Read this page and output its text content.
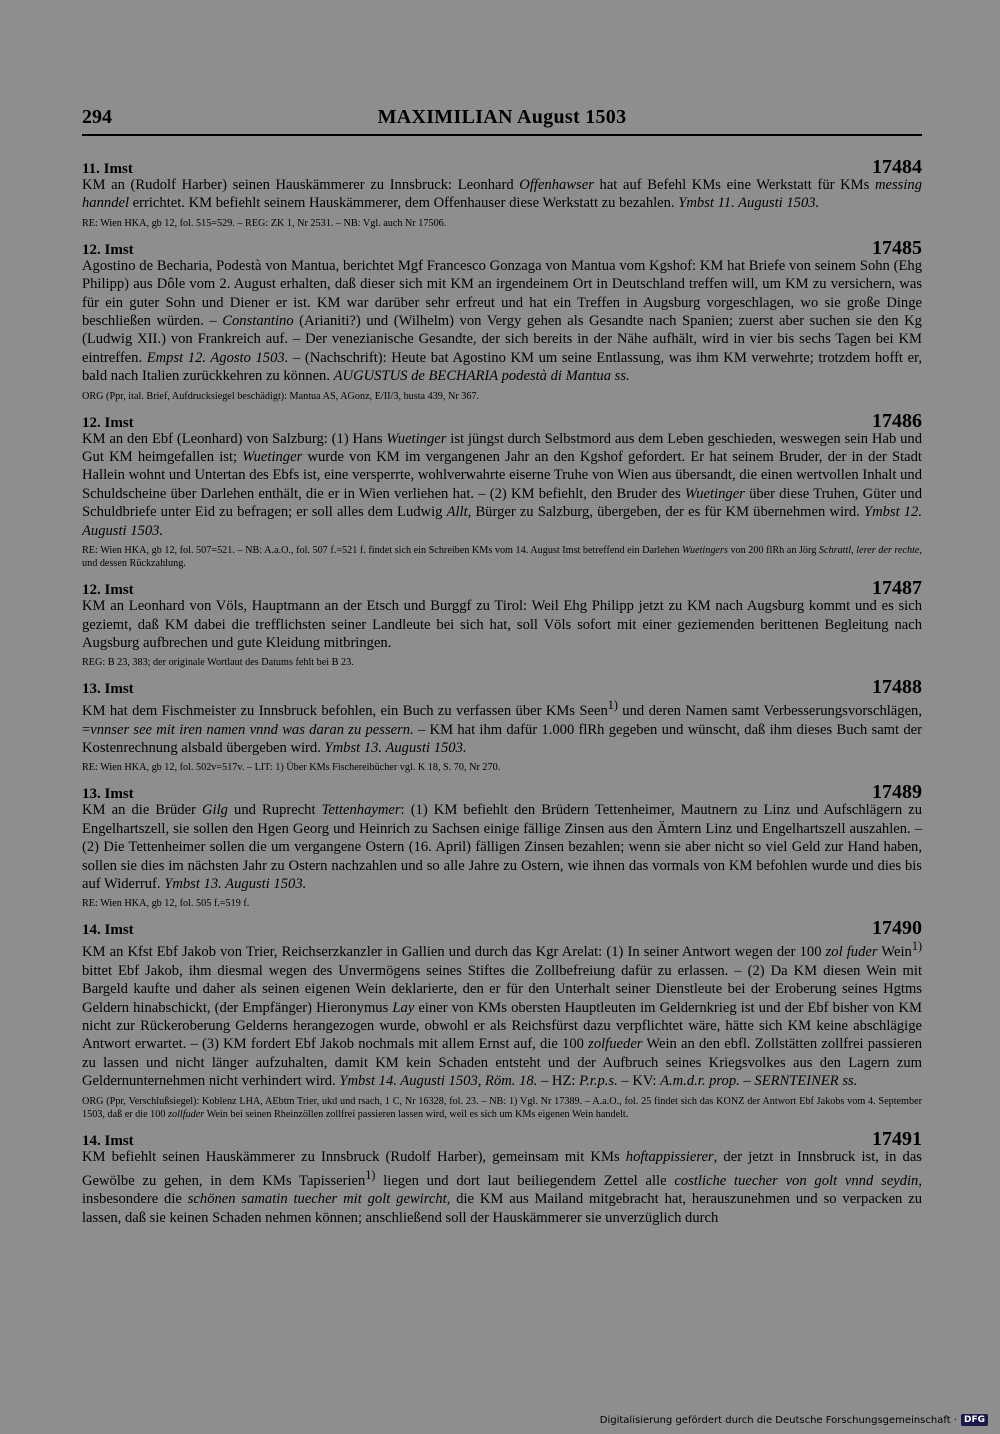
294	MAXIMILIAN August 1503
11. Imst	17484
KM an (Rudolf Harber) seinen Hauskämmerer zu Innsbruck: Leonhard Offenhawser hat auf Befehl KMs eine Werkstatt für KMs messing hanndel errichtet. KM befiehlt seinem Hauskämmerer, dem Offenhauser diese Werkstatt zu bezahlen. Ymbst 11. Augusti 1503.
RE: Wien HKA, gb 12, fol. 515=529. – REG: ZK 1, Nr 2531. – NB: Vgl. auch Nr 17506.
12. Imst	17485
Agostino de Becharia, Podestà von Mantua, berichtet Mgf Francesco Gonzaga von Mantua vom Kgshof: KM hat Briefe von seinem Sohn (Ehg Philipp) aus Dôle vom 2. August erhalten, daß dieser sich mit KM an irgendeinem Ort in Deutschland treffen will, um KM zu versichern, was für ein guter Sohn und Diener er ist. KM war darüber sehr erfreut und hat ein Treffen in Augsburg vorgeschlagen, wo sie große Dinge beschließen würden. – Constantino (Arianiti?) und (Wilhelm) von Vergy gehen als Gesandte nach Spanien; zuerst aber suchen sie den Kg (Ludwig XII.) von Frankreich auf. – Der venezianische Gesandte, der sich bereits in der Nähe aufhält, wird in vier bis sechs Tagen bei KM eintreffen. Empst 12. Agosto 1503. – (Nachschrift): Heute bat Agostino KM um seine Entlassung, was ihm KM verwehrte; trotzdem hofft er, bald nach Italien zurückkehren zu können. AUGUSTUS de BECHARIA podestà di Mantua ss.
ORG (Ppr, ital. Brief, Aufdrucksiegel beschädigt): Mantua AS, AGonz, E/II/3, busta 439, Nr 367.
12. Imst	17486
KM an den Ebf (Leonhard) von Salzburg: (1) Hans Wuetinger ist jüngst durch Selbstmord aus dem Leben geschieden, weswegen sein Hab und Gut KM heimgefallen ist; Wuetinger wurde von KM im vergangenen Jahr an den Kgshof gefordert. Er hat seinem Bruder, der in der Stadt Hallein wohnt und Untertan des Ebfs ist, eine versperrte, wohlverwahrte eiserne Truhe von Wien aus übersandt, die einen wertvollen Inhalt und Schuldscheine über Darlehen enthält, die er in Wien verliehen hat. – (2) KM befiehlt, den Bruder des Wuetinger über diese Truhen, Güter und Schuldbriefe unter Eid zu befragen; er soll alles dem Ludwig Allt, Bürger zu Salzburg, übergeben, der es für KM übernehmen wird. Ymbst 12. Augusti 1503.
RE: Wien HKA, gb 12, fol. 507=521. – NB: A.a.O., fol. 507 f.=521 f. findet sich ein Schreiben KMs vom 14. August Imst betreffend ein Darlehen Wuetingers von 200 flRh an Jörg Schrattl, lerer der rechte, und dessen Rückzahlung.
12. Imst	17487
KM an Leonhard von Völs, Hauptmann an der Etsch und Burggf zu Tirol: Weil Ehg Philipp jetzt zu KM nach Augsburg kommt und es sich geziemt, daß KM dabei die trefflichsten seiner Landleute bei sich hat, soll Völs sofort mit einer geziemenden berittenen Begleitung nach Augsburg aufbrechen und gute Kleidung mitbringen.
REG: B 23, 383; der originale Wortlaut des Datums fehlt bei B 23.
13. Imst	17488
KM hat dem Fischmeister zu Innsbruck befohlen, ein Buch zu verfassen über KMs Seen$^{1)}$ und deren Namen samt Verbesserungsvorschlägen, =vnnser see mit iren namen vnnd was daran zu pessern. – KM hat ihm dafür 1.000 flRh gegeben und wünscht, daß ihm dieses Buch samt der Kostenrechnung alsbald übergeben wird. Ymbst 13. Augusti 1503.
RE: Wien HKA, gb 12, fol. 502v=517v. – LIT: 1) Über KMs Fischereibücher vgl. K 18, S. 70, Nr 270.
13. Imst	17489
KM an die Brüder Gilg und Ruprecht Tettenhaymer: (1) KM befiehlt den Brüdern Tettenheimer, Mautnern zu Linz und Aufschlägern zu Engelhartszell, sie sollen den Hgen Georg und Heinrich zu Sachsen einige fällige Zinsen aus den Ämtern Linz und Engelhartszell auszahlen. – (2) Die Tettenheimer sollen die um vergangene Ostern (16. April) fälligen Zinsen bezahlen; wenn sie aber nicht so viel Geld zur Hand haben, sollen sie dies im nächsten Jahr zu Ostern nachzahlen und so alle Jahre zu Ostern, wie ihnen das vormals von KM befohlen wurde und dies bis auf Widerruf. Ymbst 13. Augusti 1503.
RE: Wien HKA, gb 12, fol. 505 f.=519 f.
14. Imst	17490
KM an Kfst Ebf Jakob von Trier, Reichserzkanzler in Gallien und durch das Kgr Arelat: (1) In seiner Antwort wegen der 100 zol fuder Wein$^{1)}$ bittet Ebf Jakob, ihm diesmal wegen des Unvermögens seines Stiftes die Zollbefreiung dafür zu erlassen. – (2) Da KM diesen Wein mit Bargeld kaufte und daher als seinen eigenen Wein deklarierte, den er für den Unterhalt seiner Dienstleute bei der Eroberung seines Hgtms Geldern hinabschickt, (der Empfänger) Hieronymus Lay einer von KMs obersten Hauptleuten im Geldernkrieg ist und der Ebf bisher von KM nicht zur Rückeroberung Gelderns herangezogen wurde, obwohl er als Reichsfürst dazu verpflichtet wäre, hätte sich KM keine abschlägige Antwort erwartet. – (3) KM fordert Ebf Jakob nochmals mit allem Ernst auf, die 100 zolfueder Wein an den ebfl. Zollstätten zollfrei passieren zu lassen und nicht länger aufzuhalten, damit KM kein Schaden entsteht und der Aufbruch seines Kriegsvolkes aus den Lagern zum Geldernunternehmen nicht verhindert wird. Ymbst 14. Augusti 1503, Röm. 18. – HZ: P.r.p.s. – KV: A.m.d.r. prop. – SERNTEINER ss.
ORG (Ppr, Verschlußsiegel): Koblenz LHA, AEbtm Trier, ukd und rsach, 1 C, Nr 16328, fol. 23. – NB: 1) Vgl. Nr 17389. – A.a.O., fol. 25 findet sich das KONZ der Antwort Ebf Jakobs vom 4. September 1503, daß er die 100 zollfuder Wein bei seinen Rheinzöllen zollfrei passieren lassen wird, weil es sich um KMs eigenen Wein handelt.
14. Imst	17491
KM befiehlt seinen Hauskämmerer zu Innsbruck (Rudolf Harber), gemeinsam mit KMs hoftappissierer, der jetzt in Innsbruck ist, in das Gewölbe zu gehen, in dem KMs Tapisserien$^{1)}$ liegen und dort laut beiliegendem Zettel alle costliche tuecher von golt vnnd seydin, insbesondere die schönen samatin tuecher mit golt gewircht, die KM aus Mailand mitgebracht hat, herauszunehmen und so verpacken zu lassen, daß sie keinen Schaden nehmen können; anschließend soll der Hauskämmerer sie unverzüglich durch
Digitalisierung gefördert durch die Deutsche Forschungsgemeinschaft · DFG
